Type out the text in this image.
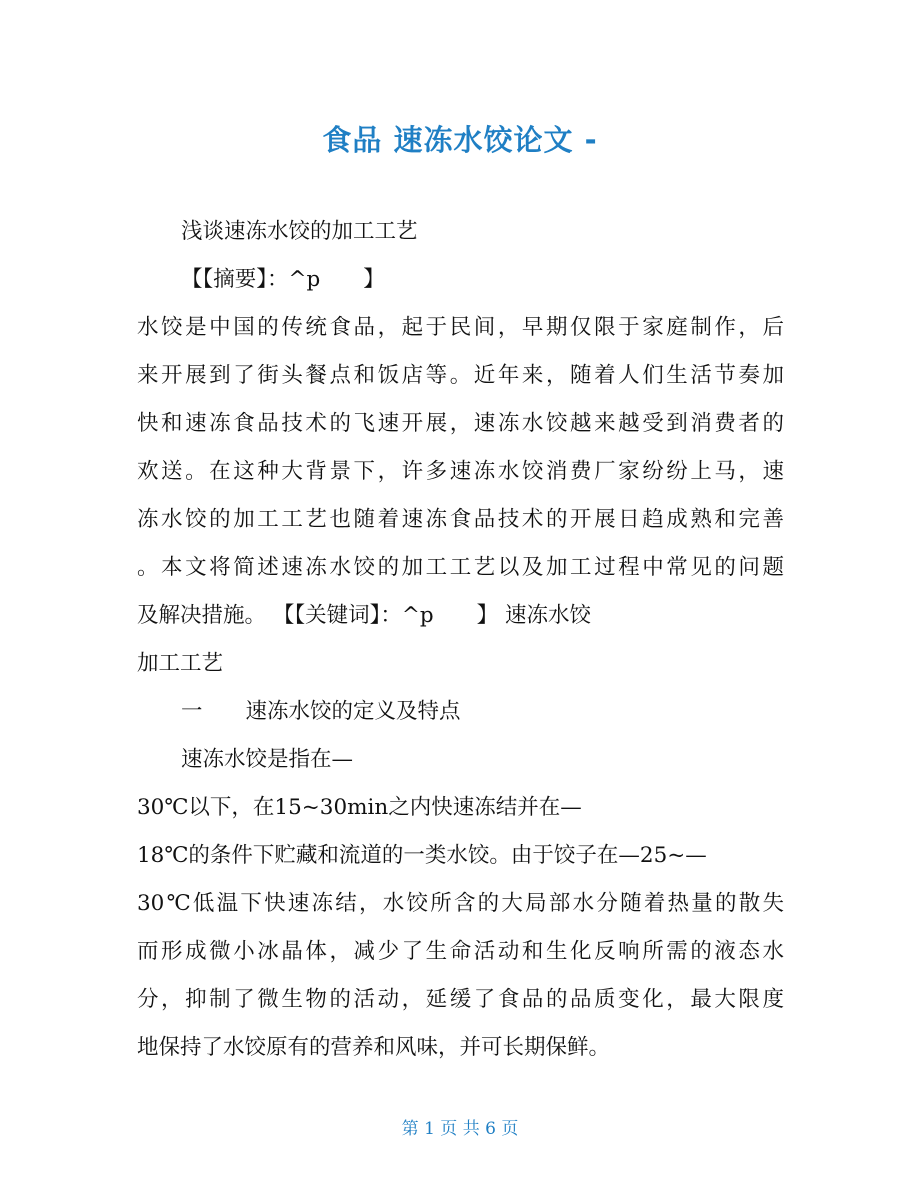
食品 速冻水饺论文 -
浅谈速冻水饺的加工工艺
【【摘要】：^p　　】
水饺是中国的传统食品，起于民间，早期仅限于家庭制作，后
来开展到了街头餐点和饭店等。近年来，随着人们生活节奏加
快和速冻食品技术的飞速开展，速冻水饺越来越受到消费者的
欢送。在这种大背景下，许多速冻水饺消费厂家纷纷上马，速
冻水饺的加工工艺也随着速冻食品技术的开展日趋成熟和完善
。本文将简述速冻水饺的加工工艺以及加工过程中常见的问题
及解决措施。 【【关键词】：^p　　】 速冻水饺
加工工艺
一　　速冻水饺的定义及特点
速冻水饺是指在—
30℃以下，在15~30min之内快速冻结并在—
18℃的条件下贮藏和流道的一类水饺。由于饺子在—25~—
30℃低温下快速冻结，水饺所含的大局部水分随着热量的散失
而形成微小冰晶体，减少了生命活动和生化反响所需的液态水
分，抑制了微生物的活动，延缓了食品的品质变化，最大限度
地保持了水饺原有的营养和风味，并可长期保鲜。
第 1 页 共 6 页
